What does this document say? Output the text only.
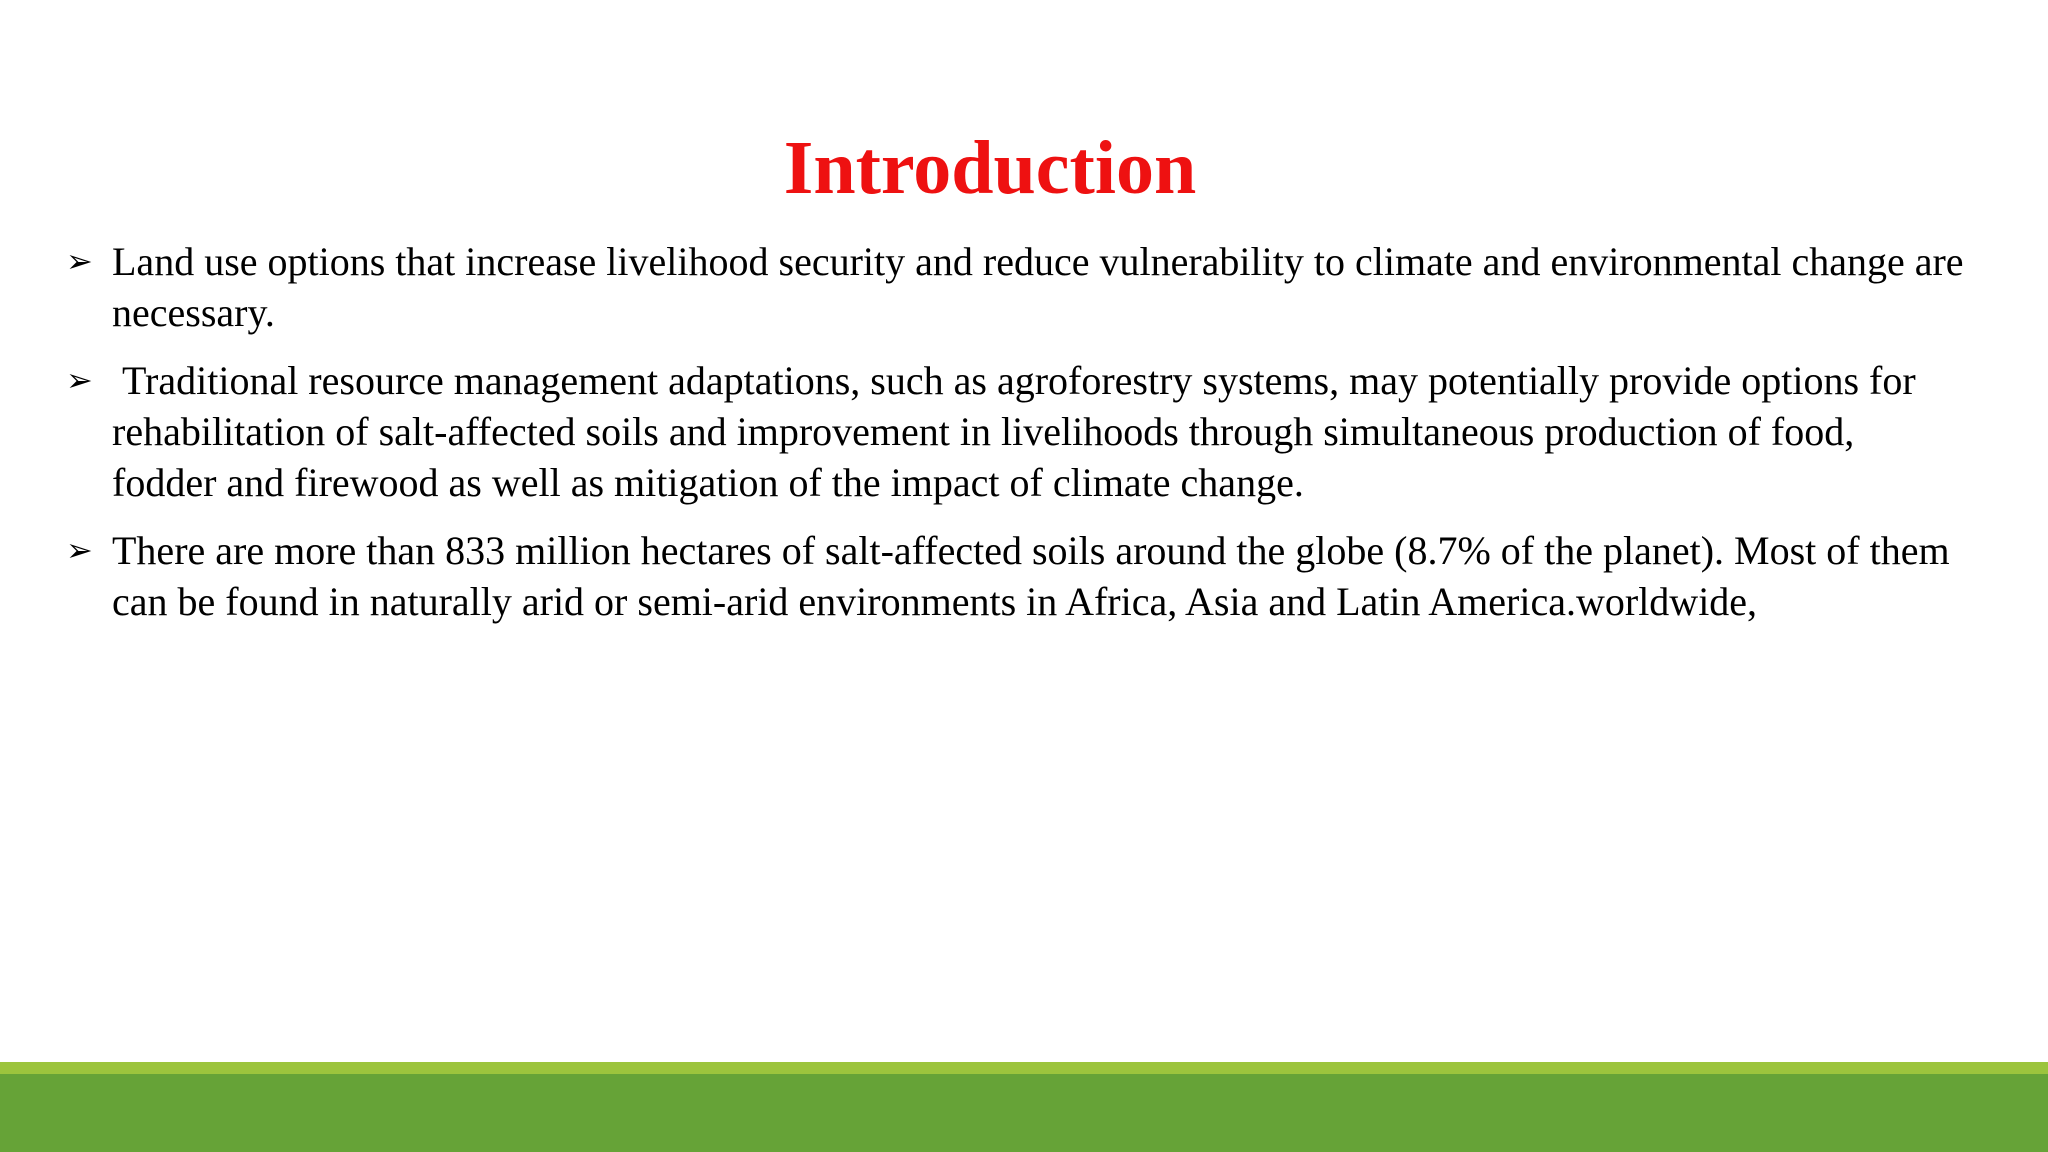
Introduction
➢ Land use options that increase livelihood security and reduce vulnerability to climate and environmental change are necessary.
➢ Traditional resource management adaptations, such as agroforestry systems, may potentially provide options for rehabilitation of salt-affected soils and improvement in livelihoods through simultaneous production of food, fodder and firewood as well as mitigation of the impact of climate change.
➢ There are more than 833 million hectares of salt-affected soils around the globe (8.7% of the planet). Most of them can be found in naturally arid or semi-arid environments in Africa, Asia and Latin America.worldwide,
